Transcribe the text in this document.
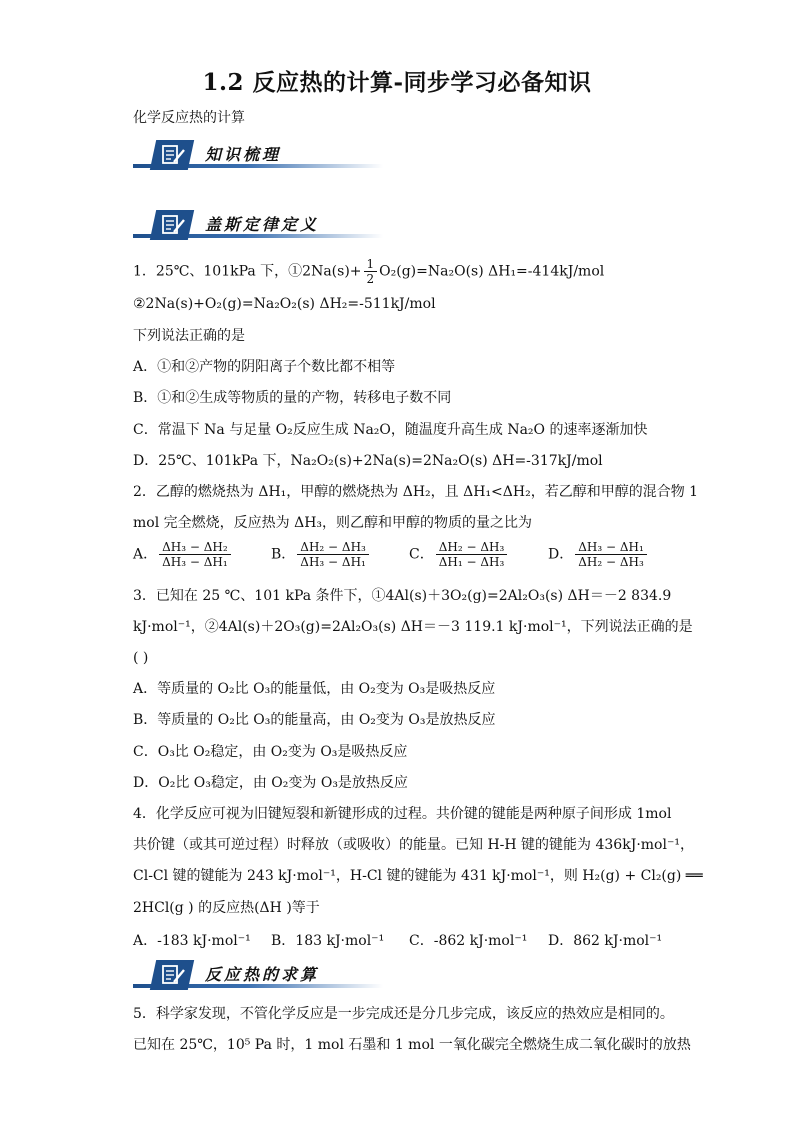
1.2 反应热的计算-同步学习必备知识
化学反应热的计算
知识梳理
盖斯定律定义
1．25℃、101kPa 下，①2Na(s)+ $\frac{1}{2} O_2(g)=Na_2O(s)$ ΔH₁=-414kJ/mol
②2Na(s)+O₂(g)=Na₂O₂(s) ΔH₂=-511kJ/mol
下列说法正确的是
A．①和②产物的阴阳离子个数比都不相等
B．①和②生成等物质的量的产物，转移电子数不同
C．常温下 Na 与足量 O₂反应生成 Na₂O，随温度升高生成 Na₂O 的速率逐渐加快
D．25℃、101kPa 下，Na₂O₂(s)+2Na(s)=2Na₂O(s) ΔH=-317kJ/mol
2．乙醇的燃烧热为 ΔH₁，甲醇的燃烧热为 ΔH₂，且 ΔH₁<ΔH₂，若乙醇和甲醇的混合物 1
mol 完全燃烧，反应热为 ΔH₃，则乙醇和甲醇的物质的量之比为
A． $\frac{\text{ΔH₃ − ΔH₂}}{\text{ΔH₃ − ΔH₁}}$	B． $\frac{\text{ΔH₂ − ΔH₃}}{\text{ΔH₃ − ΔH₁}}$	C． $\frac{\text{ΔH₂ − ΔH₃}}{\text{ΔH₁ − ΔH₃}}$	D． $\frac{\text{ΔH₃ − ΔH₁}}{\text{ΔH₂ − ΔH₃}}$
3．已知在 25 ℃、101 kPa 条件下，①4Al(s)＋3O₂(g)=2Al₂O₃(s) ΔH＝－2 834.9
kJ·mol⁻¹，②4Al(s)＋2O₃(g)=2Al₂O₃(s) ΔH＝－3 119.1 kJ·mol⁻¹，下列说法正确的是
( )
A．等质量的 O₂比 O₃的能量低，由 O₂变为 O₃是吸热反应
B．等质量的 O₂比 O₃的能量高，由 O₂变为 O₃是放热反应
C．O₃比 O₂稳定，由 O₂变为 O₃是吸热反应
D．O₂比 O₃稳定，由 O₂变为 O₃是放热反应
4．化学反应可视为旧键短裂和新键形成的过程。共价键的键能是两种原子间形成 1mol
共价键（或其可逆过程）时释放（或吸收）的能量。已知 H-H 键的键能为 436kJ·mol⁻¹，
Cl-Cl 键的键能为 243 kJ·mol⁻¹，H-Cl 键的键能为 431 kJ·mol⁻¹，则 H₂(g) + Cl₂(g) ══
2HCl(g ) 的反应热(ΔH )等于
A．-183 kJ·mol⁻¹ B．183 kJ·mol⁻¹ C．-862 kJ·mol⁻¹ D．862 kJ·mol⁻¹
反应热的求算
5．科学家发现，不管化学反应是一步完成还是分几步完成，该反应的热效应是相同的。
已知在 25℃，10⁵ Pa 时，1 mol 石墨和 1 mol 一氧化碳完全燃烧生成二氧化碳时的放热
